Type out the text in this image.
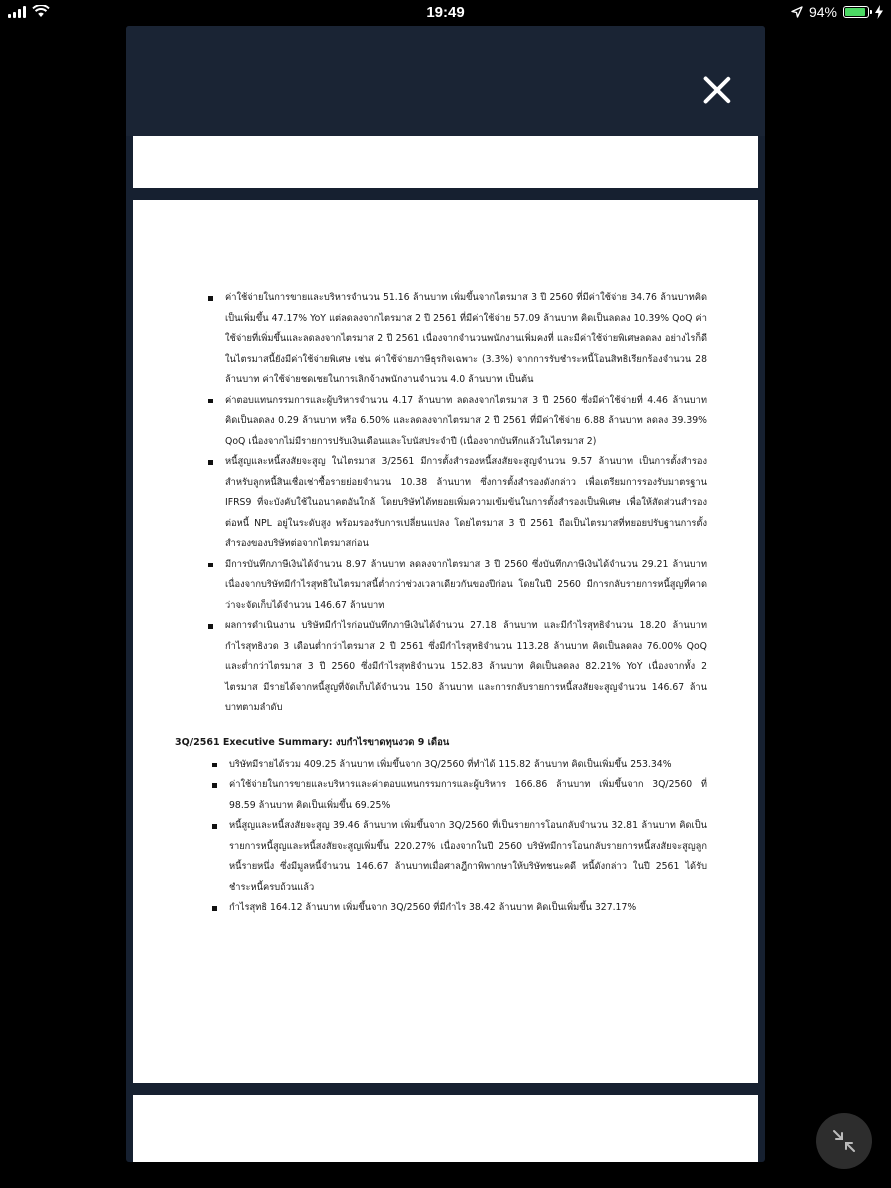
19:49	94%
ค่าใช้จ่ายในการขายและบริหารจำนวน 51.16 ล้านบาท เพิ่มขึ้นจากไตรมาส 3 ปี 2560 ที่มีค่าใช้จ่าย 34.76 ล้านบาทคิดเป็นเพิ่มขึ้น 47.17% YoY แต่ลดลงจากไตรมาส 2 ปี 2561 ที่มีค่าใช้จ่าย 57.09 ล้านบาท คิดเป็นลดลง 10.39% QoQ ค่าใช้จ่ายที่เพิ่มขึ้นและลดลงจากไตรมาส 2 ปี 2561 เนื่องจากจำนวนพนักงานเพิ่มคงที่ และมีค่าใช้จ่ายพิเศษลดลง อย่างไรก็ดีในไตรมาสนี้ยังมีค่าใช้จ่ายพิเศษ เช่น ค่าใช้จ่ายภาษีธุรกิจเฉพาะ (3.3%) จากการรับชำระหนี้โอนสิทธิเรียกร้องจำนวน 28 ล้านบาท ค่าใช้จ่ายชดเชยในการเลิกจ้างพนักงานจำนวน 4.0 ล้านบาท เป็นต้น
ค่าตอบแทนกรรมการและผู้บริหารจำนวน 4.17 ล้านบาท ลดลงจากไตรมาส 3 ปี 2560 ซึ่งมีค่าใช้จ่ายที่ 4.46 ล้านบาท คิดเป็นลดลง 0.29 ล้านบาท หรือ 6.50% และลดลงจากไตรมาส 2 ปี 2561 ที่มีค่าใช้จ่าย 6.88 ล้านบาท ลดลง 39.39% QoQ เนื่องจากไม่มีรายการปรับเงินเดือนและโบนัสประจำปี (เนื่องจากบันทึกแล้วในไตรมาส 2)
หนี้สูญและหนี้สงสัยจะสูญ ในไตรมาส 3/2561 มีการตั้งสำรองหนี้สงสัยจะสูญจำนวน 9.57 ล้านบาท เป็นการตั้งสำรองสำหรับลูกหนี้สินเชื่อเช่าซื้อรายย่อยจำนวน 10.38 ล้านบาท ซึ่งการตั้งสำรองดังกล่าว เพื่อเตรียมการรองรับมาตรฐาน IFRS9 ที่จะบังคับใช้ในอนาคตอันใกล้ โดยบริษัทได้ทยอยเพิ่มความเข้มข้นในการตั้งสำรองเป็นพิเศษ เพื่อให้สัดส่วนสำรองต่อหนี้ NPL อยู่ในระดับสูง พร้อมรองรับการเปลี่ยนแปลง โดยไตรมาส 3 ปี 2561 ถือเป็นไตรมาสที่ทยอยปรับฐานการตั้งสำรองของบริษัทต่อจากไตรมาสก่อน
มีการบันทึกภาษีเงินได้จำนวน 8.97 ล้านบาท ลดลงจากไตรมาส 3 ปี 2560 ซึ่งบันทึกภาษีเงินได้จำนวน 29.21 ล้านบาท เนื่องจากบริษัทมีกำไรสุทธิในไตรมาสนี้ต่ำกว่าช่วงเวลาเดียวกันของปีก่อน โดยในปี 2560 มีการกลับรายการหนี้สูญที่คาดว่าจะจัดเก็บได้จำนวน 146.67 ล้านบาท
ผลการดำเนินงาน บริษัทมีกำไรก่อนบันทึกภาษีเงินได้จำนวน 27.18 ล้านบาท และมีกำไรสุทธิจำนวน 18.20 ล้านบาท กำไรสุทธิงวด 3 เดือนต่ำกว่าไตรมาส 2 ปี 2561 ซึ่งมีกำไรสุทธิจำนวน 113.28 ล้านบาท คิดเป็นลดลง 76.00% QoQ และต่ำกว่าไตรมาส 3 ปี 2560 ซึ่งมีกำไรสุทธิจำนวน 152.83 ล้านบาท คิดเป็นลดลง 82.21% YoY เนื่องจากทั้ง 2 ไตรมาส มีรายได้จากหนี้สูญที่จัดเก็บได้จำนวน 150 ล้านบาท และการกลับรายการหนี้สงสัยจะสูญจำนวน 146.67 ล้านบาทตามลำดับ
3Q/2561 Executive Summary: งบกำไรขาดทุนงวด 9 เดือน
บริษัทมีรายได้รวม 409.25 ล้านบาท เพิ่มขึ้นจาก 3Q/2560 ที่ทำได้ 115.82 ล้านบาท คิดเป็นเพิ่มขึ้น 253.34%
ค่าใช้จ่ายในการขายและบริหารและค่าตอบแทนกรรมการและผู้บริหาร 166.86 ล้านบาท เพิ่มขึ้นจาก 3Q/2560 ที่ 98.59 ล้านบาท คิดเป็นเพิ่มขึ้น 69.25%
หนี้สูญและหนี้สงสัยจะสูญ 39.46 ล้านบาท เพิ่มขึ้นจาก 3Q/2560 ที่เป็นรายการโอนกลับจำนวน 32.81 ล้านบาท คิดเป็นรายการหนี้สูญและหนี้สงสัยจะสูญเพิ่มขึ้น 220.27% เนื่องจากในปี 2560 บริษัทมีการโอนกลับรายการหนี้สงสัยจะสูญลูกหนี้รายหนึ่ง ซึ่งมีมูลหนี้จำนวน 146.67 ล้านบาทเมื่อศาลฎีกาพิพากษาให้บริษัทชนะคดี หนี้ดังกล่าว ในปี 2561 ได้รับชำระหนี้ครบถ้วนแล้ว
กำไรสุทธิ 164.12 ล้านบาท เพิ่มขึ้นจาก 3Q/2560 ที่มีกำไร 38.42 ล้านบาท คิดเป็นเพิ่มขึ้น 327.17%
